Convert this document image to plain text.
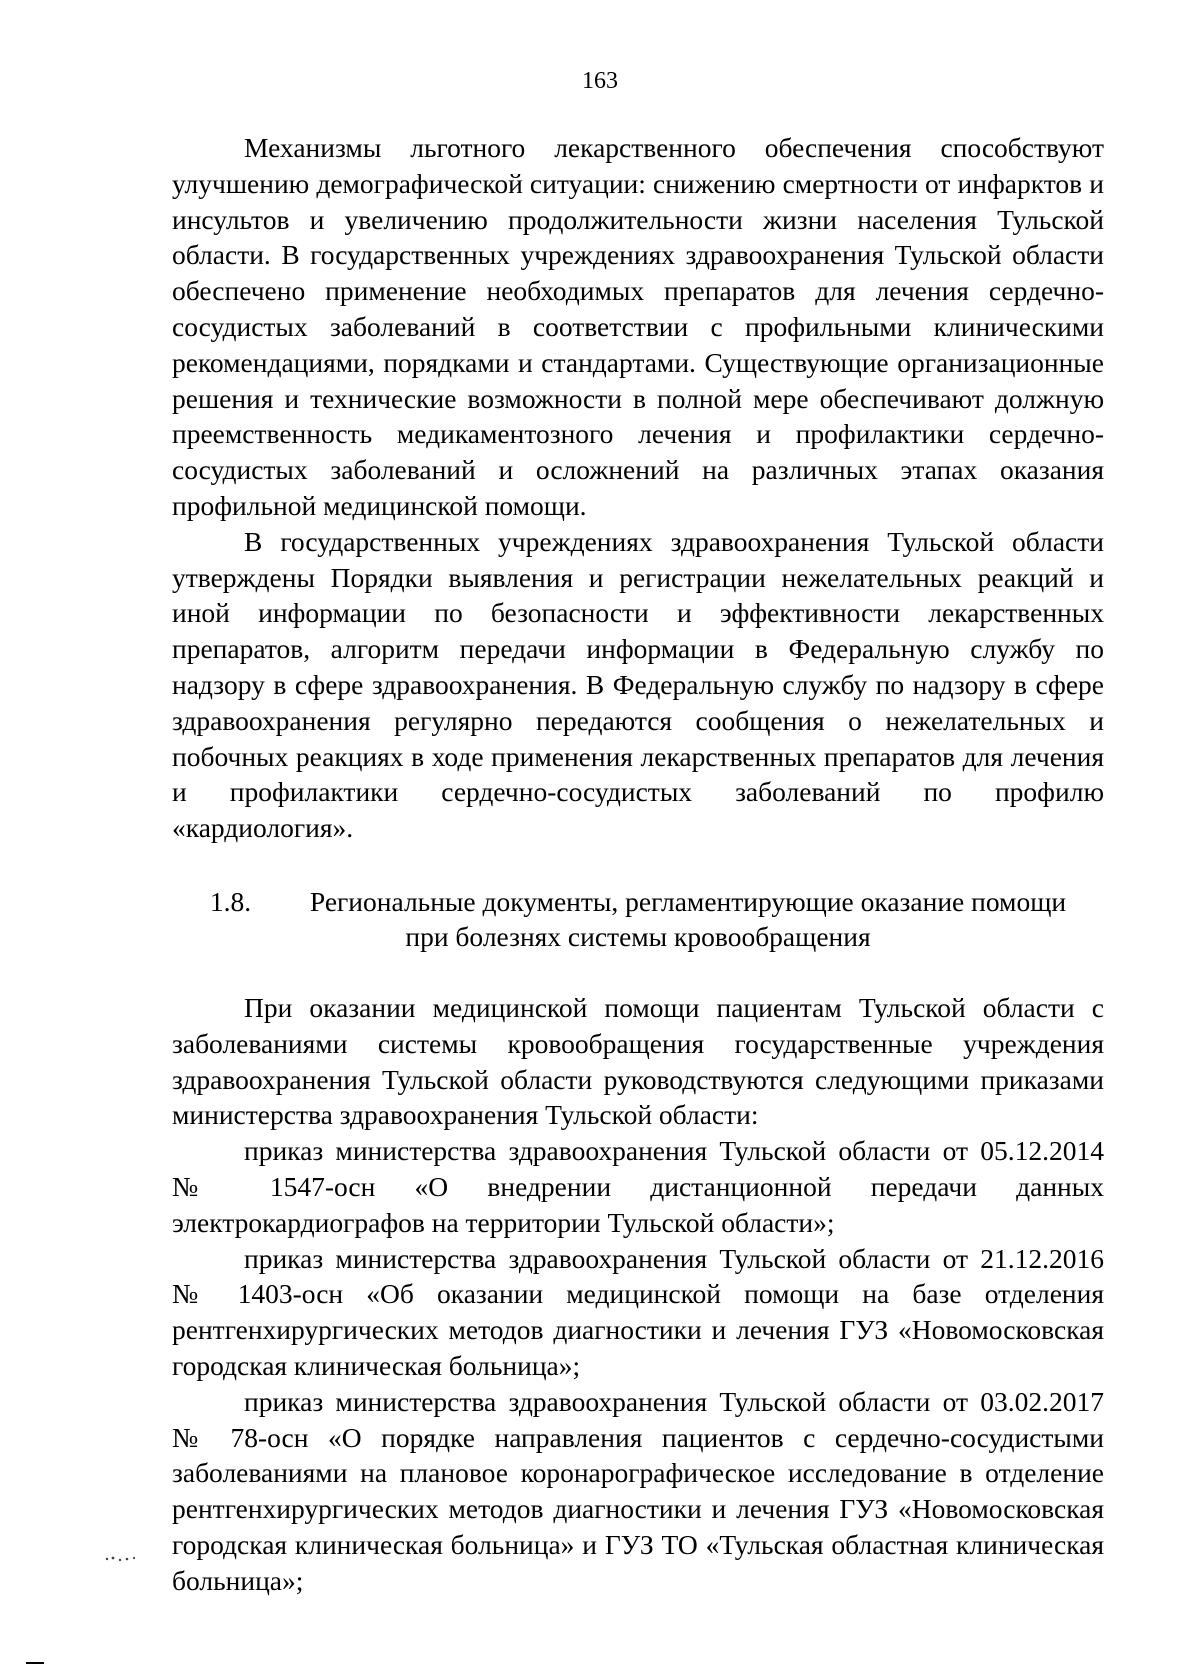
163

Механизмы льготного лекарственного обеспечения способствуют улучшению демографической ситуации: снижению смертности от инфарктов и инсультов и увеличению продолжительности жизни населения Тульской области. В государственных учреждениях здравоохранения Тульской области обеспечено применение необходимых препаратов для лечения сердечно-сосудистых заболеваний в соответствии с профильными клиническими рекомендациями, порядками и стандартами. Существующие организационные решения и технические возможности в полной мере обеспечивают должную преемственность медикаментозного лечения и профилактики сердечно-сосудистых заболеваний и осложнений на различных этапах оказания профильной медицинской помощи.

В государственных учреждениях здравоохранения Тульской области утверждены Порядки выявления и регистрации нежелательных реакций и иной информации по безопасности и эффективности лекарственных препаратов, алгоритм передачи информации в Федеральную службу по надзору в сфере здравоохранения. В Федеральную службу по надзору в сфере здравоохранения регулярно передаются сообщения о нежелательных и побочных реакциях в ходе применения лекарственных препаратов для лечения и профилактики сердечно-сосудистых заболеваний по профилю «кардиология».

1.8. Региональные документы, регламентирующие оказание помощи
при болезнях системы кровообращения

При оказании медицинской помощи пациентам Тульской области с заболеваниями системы кровообращения государственные учреждения здравоохранения Тульской области руководствуются следующими приказами министерства здравоохранения Тульской области:

приказ министерства здравоохранения Тульской области от 05.12.2014 № 1547-осн «О внедрении дистанционной передачи данных электрокардиографов на территории Тульской области»;

приказ министерства здравоохранения Тульской области от 21.12.2016 № 1403-осн «Об оказании медицинской помощи на базе отделения рентгенхирургических методов диагностики и лечения ГУЗ «Новомосковская городская клиническая больница»;

приказ министерства здравоохранения Тульской области от 03.02.2017 № 78-осн «О порядке направления пациентов с сердечно-сосудистыми заболеваниями на плановое коронарографическое исследование в отделение рентгенхирургических методов диагностики и лечения ГУЗ «Новомосковская городская клиническая больница» и ГУЗ ТО «Тульская областная клиническая больница»;
